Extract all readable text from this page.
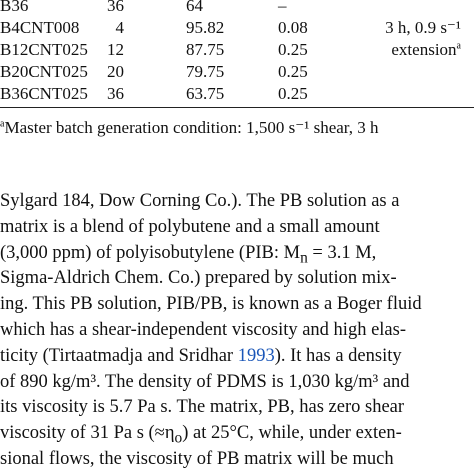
B36	36	64	–
B4CNT008 4	95.82	0.08	3 h, 0.9 s⁻¹
B12CNT025 12	87.75	0.25	extension$^a$
B20CNT025 20	79.75	0.25
B36CNT025 36	63.75	0.25
$^a$Master batch generation condition: 1,500 s⁻¹ shear, 3 h
Sylgard 184, Dow Corning Co.). The PB solution as a
matrix is a blend of polybutene and a small amount
(3,000 ppm) of polyisobutylene (PIB: $M_n = 3.1$ M,
Sigma-Aldrich Chem. Co.) prepared by solution mix-
ing. This PB solution, PIB/PB, is known as a Boger fluid
which has a shear-independent viscosity and high elas-
ticity (Tirtaatmadja and Sridhar 1993). It has a density
of 890 kg/m³. The density of PDMS is 1,030 kg/m³ and
its viscosity is 5.7 Pa s. The matrix, PB, has zero shear
viscosity of 31 Pa s $(\approx\eta_o)$ at 25°C, while, under exten-
sional flows, the viscosity of PB matrix will be much
